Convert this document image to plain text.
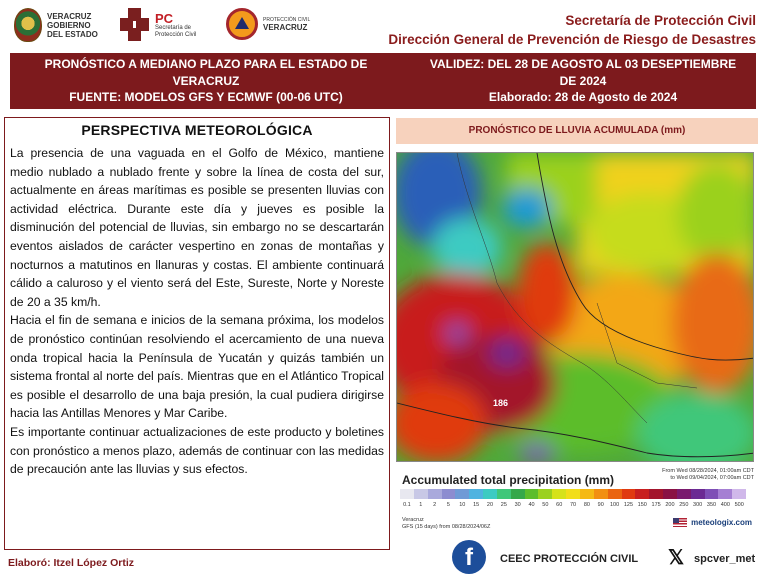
VERACRUZ
GOBIERNO
DEL ESTADO
PC
Secretaría de
Protección Civil
PROTECCIÓN CIVIL
VERACRUZ	Secretaría de Protección Civil
Dirección General de Prevención de Riesgo de Desastres
PRONÓSTICO A MEDIANO PLAZO PARA EL ESTADO DE
VERACRUZ
FUENTE: MODELOS GFS Y ECMWF (00-06 UTC)
VALIDEZ: DEL 28 DE AGOSTO AL 03 DESEPTIEMBRE
DE 2024
Elaborado: 28 de Agosto de 2024
PERSPECTIVA METEOROLÓGICA

La presencia de una vaguada en el Golfo de México, mantiene medio nublado a nublado frente y sobre la línea de costa del sur, actualmente en áreas marítimas es posible se presenten lluvias con actividad eléctrica. Durante este día y jueves es posible la disminución del potencial de lluvias, sin embargo no se descartarán eventos aislados de carácter vespertino en zonas de montañas y nocturnos a matutinos en llanuras y costas. El ambiente continuará cálido a caluroso y el viento será del Este, Sureste, Norte y Noreste de 20 a 35 km/h.

Hacia el fin de semana e inicios de la semana próxima, los modelos de pronóstico continúan resolviendo el acercamiento de una nueva onda tropical hacia la Península de Yucatán y quizás también un sistema frontal al norte del país. Mientras que en el Atlántico Tropical es posible el desarrollo de una baja presión, la cual pudiera dirigirse hacia las Antillas Menores y Mar Caribe.

Es importante continuar actualizaciones de este producto y boletines con pronóstico a menos plazo, además de continuar con las medidas de precaución ante las lluvias y sus efectos.

PRONÓSTICO DE LLUVIA ACUMULADA (mm)
186
Accumulated total precipitation (mm)
From Wed 08/28/2024, 01:00am CDT
to Wed 09/04/2024, 07:00am CDT
0.1	1	2	5	10	15	20	25	30	40	50	60	70	80	90	100 125 150 175 200 250 300 350 400 500
Veracruz
GFS (15 days) from 08/28/2024/06Z	meteologix.com
Elaboró: Itzel López Ortiz	f	CEEC PROTECCIÓN CIVIL 𝕏 spcver_met
